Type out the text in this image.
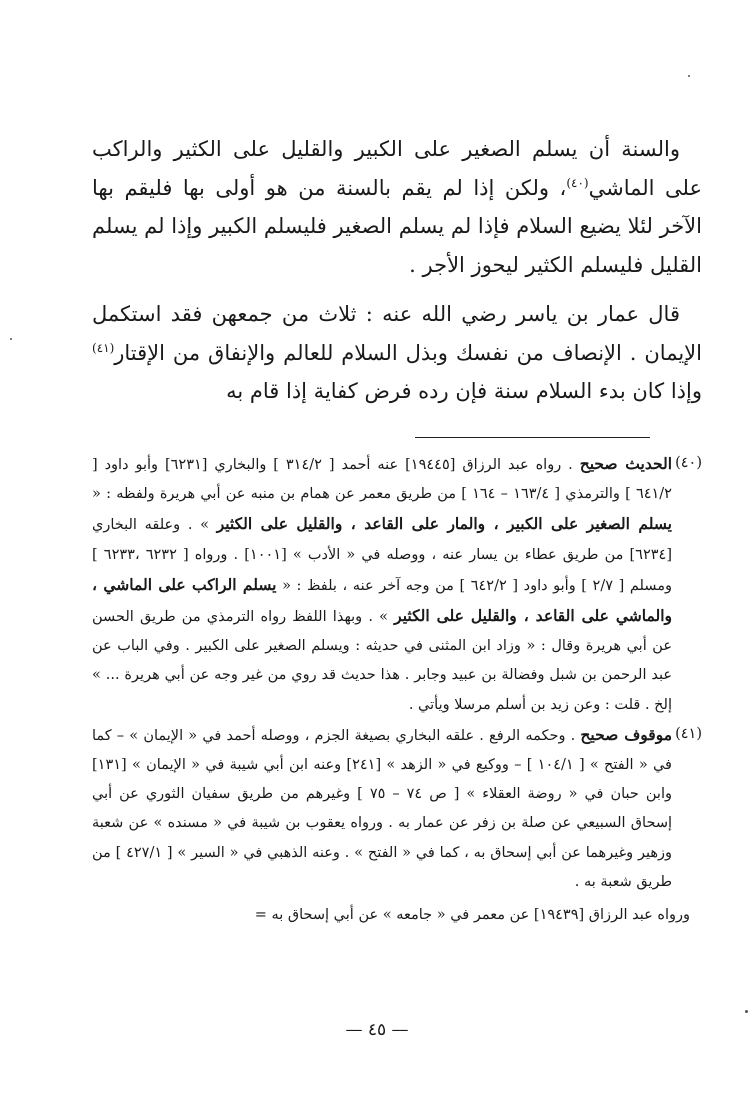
والسنة أن يسلم الصغير على الكبير والقليل على الكثير والراكب على الماشي$^{(٤٠)}$، ولكن إذا لم يقم بالسنة من هو أولى بها فليقم بها الآخر لئلا يضيع السلام فإذا لم يسلم الصغير فليسلم الكبير وإذا لم يسلم القليل فليسلم الكثير ليحوز الأجر .

قال عمار بن ياسر رضي الله عنه : ثلاث من جمعهن فقد استكمل الإيمان . الإنصاف من نفسك وبذل السلام للعالم والإنفاق من الإقتار$^{(٤١)}$ وإذا كان بدء السلام سنة فإن رده فرض كفاية إذا قام به

(٤٠)
الحديث صحيح . رواه عبد الرزاق [١٩٤٤٥] عنه أحمد [ ٣١٤/٢ ] والبخاري [٦٢٣١] وأبو داود [ ٦٤١/٢ ] والترمذي [ ١٦٣/٤ – ١٦٤ ] من طريق معمر عن همام بن منبه عن أبي هريرة ولفظه : « يسلم الصغير على الكبير ، والمار على القاعد ، والقليل على الكثير » . وعلقه البخاري [٦٢٣٤] من طريق عطاء بن يسار عنه ، ووصله في « الأدب » [١٠٠١] . ورواه [ ٦٢٣٢ ،٦٢٣٣ ] ومسلم [ ٢/٧ ] وأبو داود [ ٦٤٢/٢ ] من وجه آخر عنه ، بلفظ : « يسلم الراكب على الماشي ، والماشي على القاعد ، والقليل على الكثير » . وبهذا اللفظ رواه الترمذي من طريق الحسن عن أبي هريرة وقال : « وزاد ابن المثنى في حديثه : ويسلم الصغير على الكبير . وفي الباب عن عبد الرحمن بن شبل وفضالة بن عبيد وجابر . هذا حديث قد روي من غير وجه عن أبي هريرة ... » إلخ . قلت : وعن زيد بن أسلم مرسلا ويأتي .

(٤١)
موقوف صحيح . وحكمه الرفع . علقه البخاري بصيغة الجزم ، ووصله أحمد في « الإيمان » – كما في « الفتح » [ ١٠٤/١ ] – ووكيع في « الزهد » [٢٤١] وعنه ابن أبي شيبة في « الإيمان » [١٣١] وابن حبان في « روضة العقلاء » [ ص ٧٤ – ٧٥ ] وغيرهم من طريق سفيان الثوري عن أبي إسحاق السبيعي عن صلة بن زفر عن عمار به . ورواه يعقوب بن شيبة في « مسنده » عن شعبة وزهير وغيرهما عن أبي إسحاق به ، كما في « الفتح » . وعنه الذهبي في « السير » [ ٤٢٧/١ ] من طريق شعبة به .

ورواه عبد الرزاق [١٩٤٣٩] عن معمر في « جامعه » عن أبي إسحاق به =

— ٤٥ —
